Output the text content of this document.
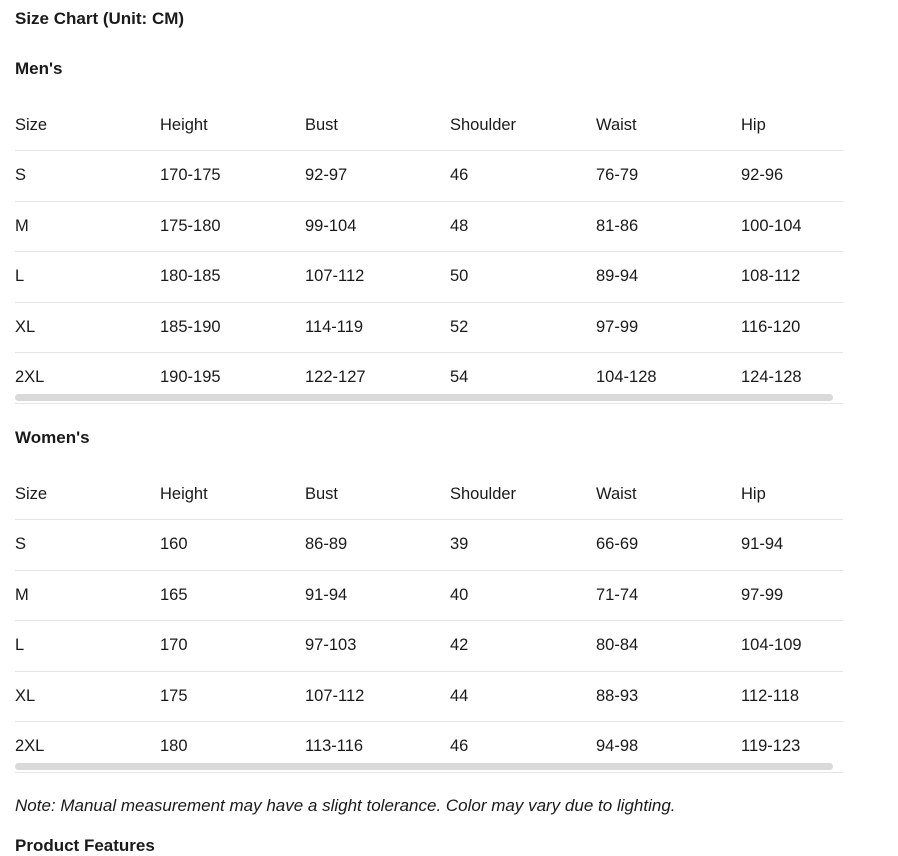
Size Chart (Unit: CM)
Men's
Size	Height	Bust	Shoulder	Waist	Hip
S	170-175	92-97	46	76-79	92-96
M	175-180	99-104	48	81-86	100-104
L	180-185	107-112	50	89-94	108-112
XL	185-190	114-119	52	97-99	116-120
2XL	190-195	122-127	54	104-128	124-128
Women's
Size	Height	Bust	Shoulder	Waist	Hip
S	160	86-89	39	66-69	91-94
M	165	91-94	40	71-74	97-99
L	170	97-103	42	80-84	104-109
XL	175	107-112	44	88-93	112-118
2XL	180	113-116	46	94-98	119-123
Note: Manual measurement may have a slight tolerance. Color may vary due to lighting.
Product Features
